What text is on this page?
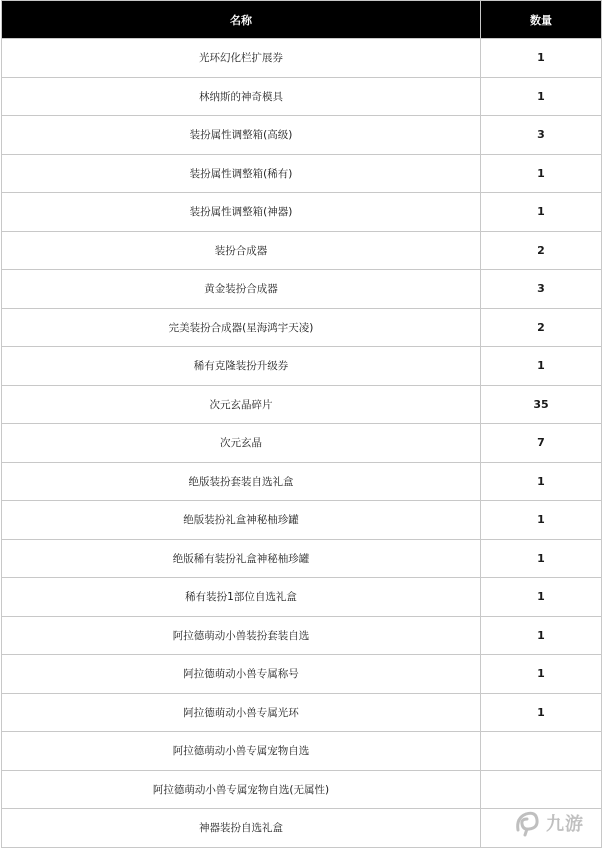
名称	数量
光环幻化栏扩展券	1
林纳斯的神奇模具	1
装扮属性调整箱(高级)	3
装扮属性调整箱(稀有)	1
装扮属性调整箱(神器)	1
装扮合成器	2
黄金装扮合成器	3
完美装扮合成器(星海鸿宇天凌)	2
稀有克隆装扮升级券	1
次元玄晶碎片	35
次元玄晶	7
绝版装扮套装自选礼盒	1
绝版装扮礼盒神秘柚珍罐	1
绝版稀有装扮礼盒神秘柚珍罐	1
稀有装扮1部位自选礼盒	1
阿拉德萌动小兽装扮套装自选	1
阿拉德萌动小兽专属称号	1
阿拉德萌动小兽专属光环	1
阿拉德萌动小兽专属宠物自选	
阿拉德萌动小兽专属宠物自选(无属性)	
神器装扮自选礼盒		九游
